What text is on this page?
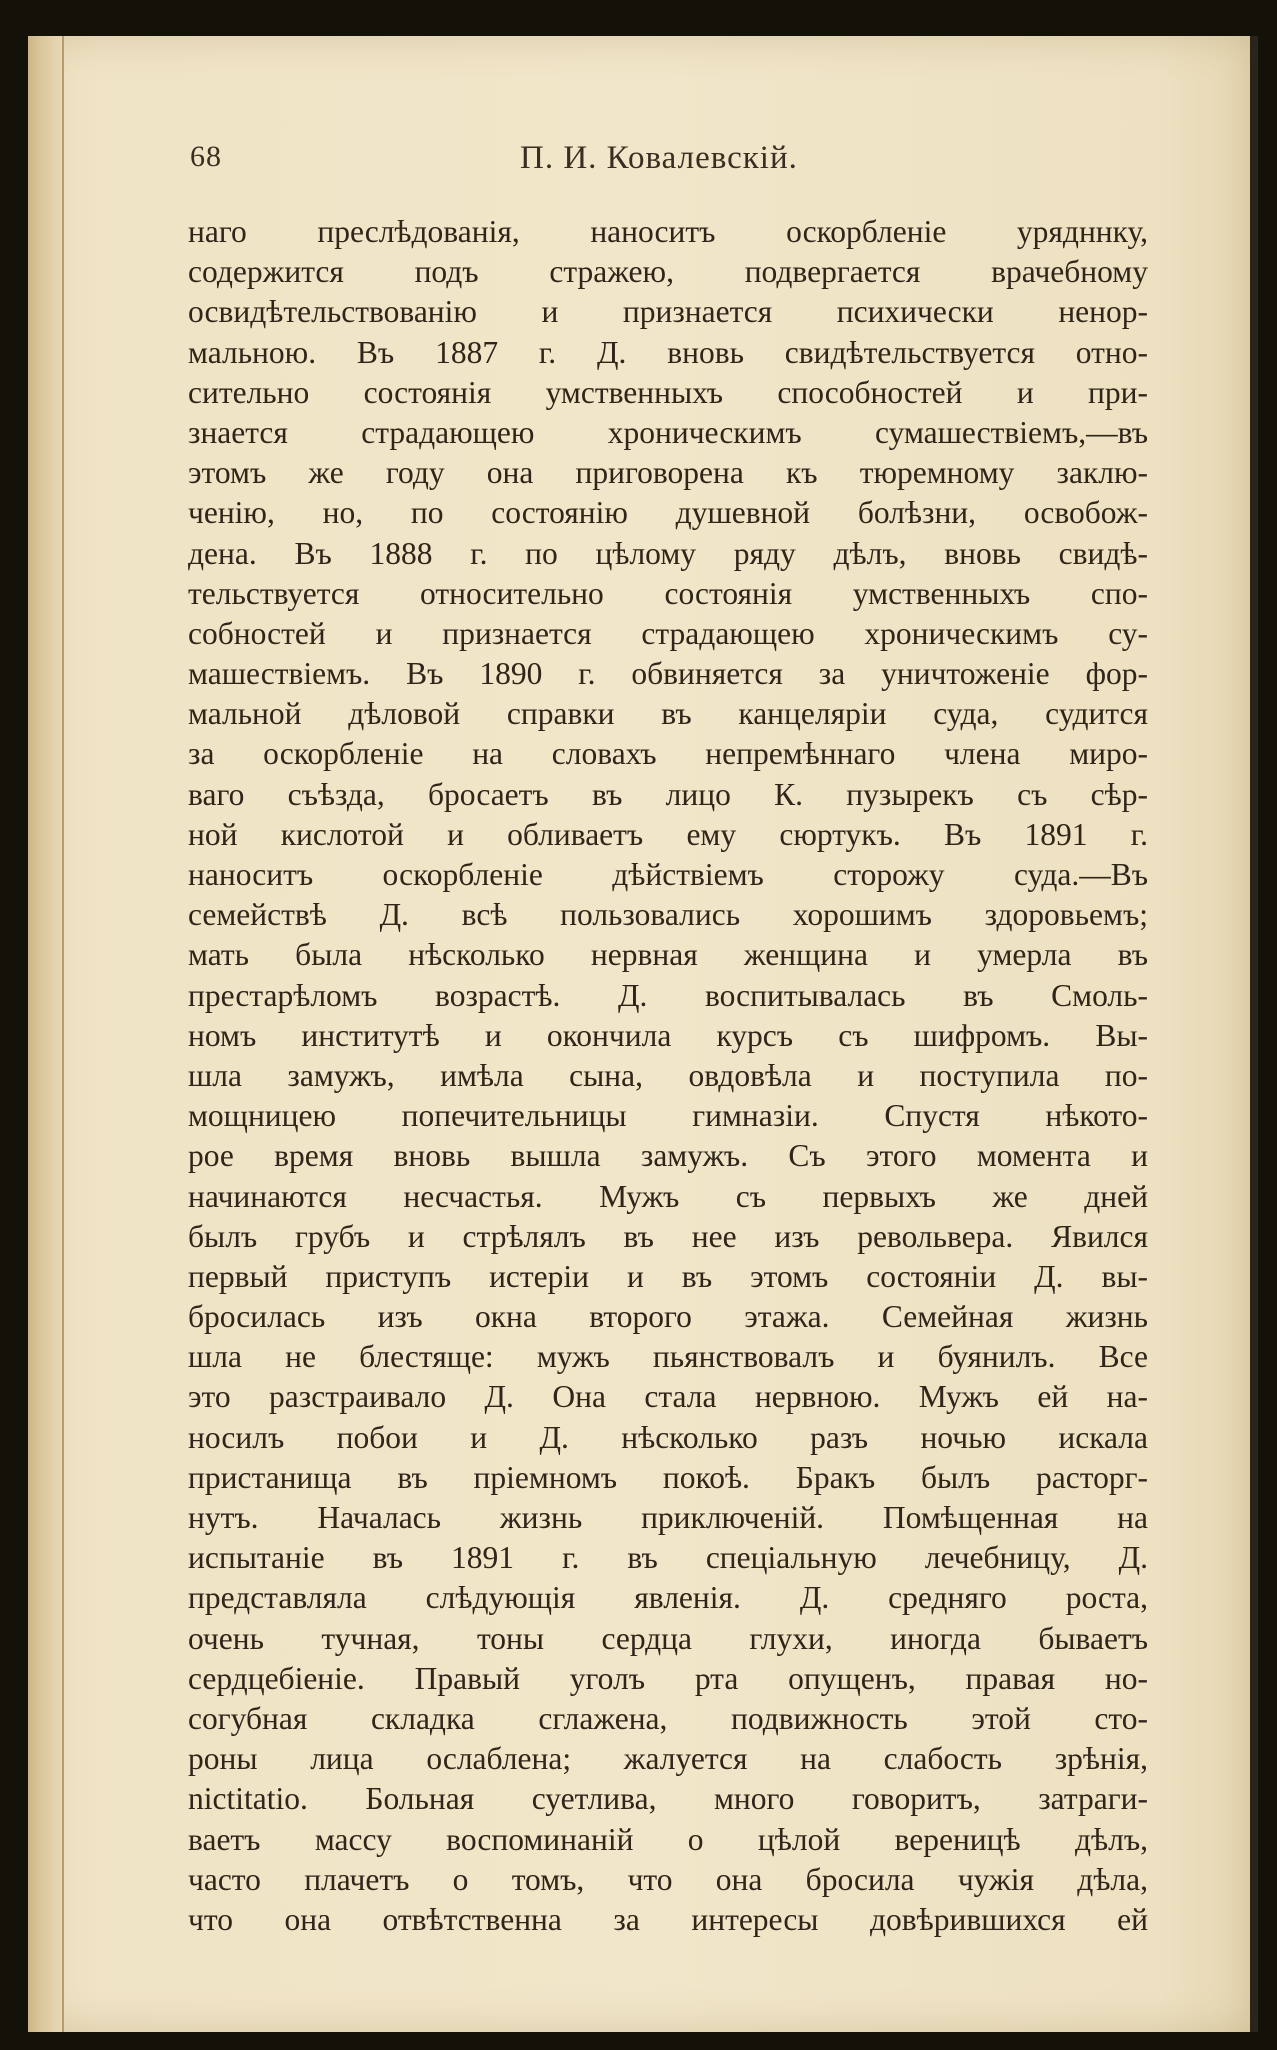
68	П. И. Ковалевскій.
наго преслѣдованія, наноситъ оскорбленіе урядннку,
содержится подъ стражею, подвергается врачебному
освидѣтельствованію и признается психически ненор-
мальною. Въ 1887 г. Д. вновь свидѣтельствуется отно-
сительно состоянія умственныхъ способностей и при-
знается страдающею хроническимъ сумашествіемъ,—въ
этомъ же году она приговорена къ тюремному заклю-
ченію, но, по состоянію душевной болѣзни, освобож-
дена. Въ 1888 г. по цѣлому ряду дѣлъ, вновь свидѣ-
тельствуется относительно состоянія умственныхъ спо-
собностей и признается страдающею хроническимъ су-
машествіемъ. Въ 1890 г. обвиняется за уничтоженіе фор-
мальной дѣловой справки въ канцеляріи суда, судится
за оскорбленіе на словахъ непремѣннаго члена миро-
ваго съѣзда, бросаетъ въ лицо К. пузырекъ съ сѣр-
ной кислотой и обливаетъ ему сюртукъ. Въ 1891 г.
наноситъ оскорбленіе дѣйствіемъ сторожу суда.—Въ
семействѣ Д. всѣ пользовались хорошимъ здоровьемъ;
мать была нѣсколько нервная женщина и умерла въ
престарѣломъ возрастѣ. Д. воспитывалась въ Смоль-
номъ институтѣ и окончила курсъ съ шифромъ. Вы-
шла замужъ, имѣла сына, овдовѣла и поступила по-
мощницею попечительницы гимназіи. Спустя нѣкото-
рое время вновь вышла замужъ. Съ этого момента и
начинаются несчастья. Мужъ съ первыхъ же дней
былъ грубъ и стрѣлялъ въ нее изъ револьвера. Явился
первый приступъ истеріи и въ этомъ состояніи Д. вы-
бросилась изъ окна второго этажа. Семейная жизнь
шла не блестяще: мужъ пьянствовалъ и буянилъ. Все
это разстраивало Д. Она стала нервною. Мужъ ей на-
носилъ побои и Д. нѣсколько разъ ночью искала
пристанища въ пріемномъ покоѣ. Бракъ былъ расторг-
нутъ. Началась жизнь приключеній. Помѣщенная на
испытаніе въ 1891 г. въ спеціальную лечебницу, Д.
представляла слѣдующія явленія. Д. средняго роста,
очень тучная, тоны сердца глухи, иногда бываетъ
сердцебіеніе. Правый уголъ рта опущенъ, правая но-
согубная складка сглажена, подвижность этой сто-
роны лица ослаблена; жалуется на слабость зрѣнія,
nictitatio. Больная суетлива, много говоритъ, затраги-
ваетъ массу воспоминаній о цѣлой вереницѣ дѣлъ,
часто плачетъ о томъ, что она бросила чужія дѣла,
что она отвѣтственна за интересы довѣрившихся ей
